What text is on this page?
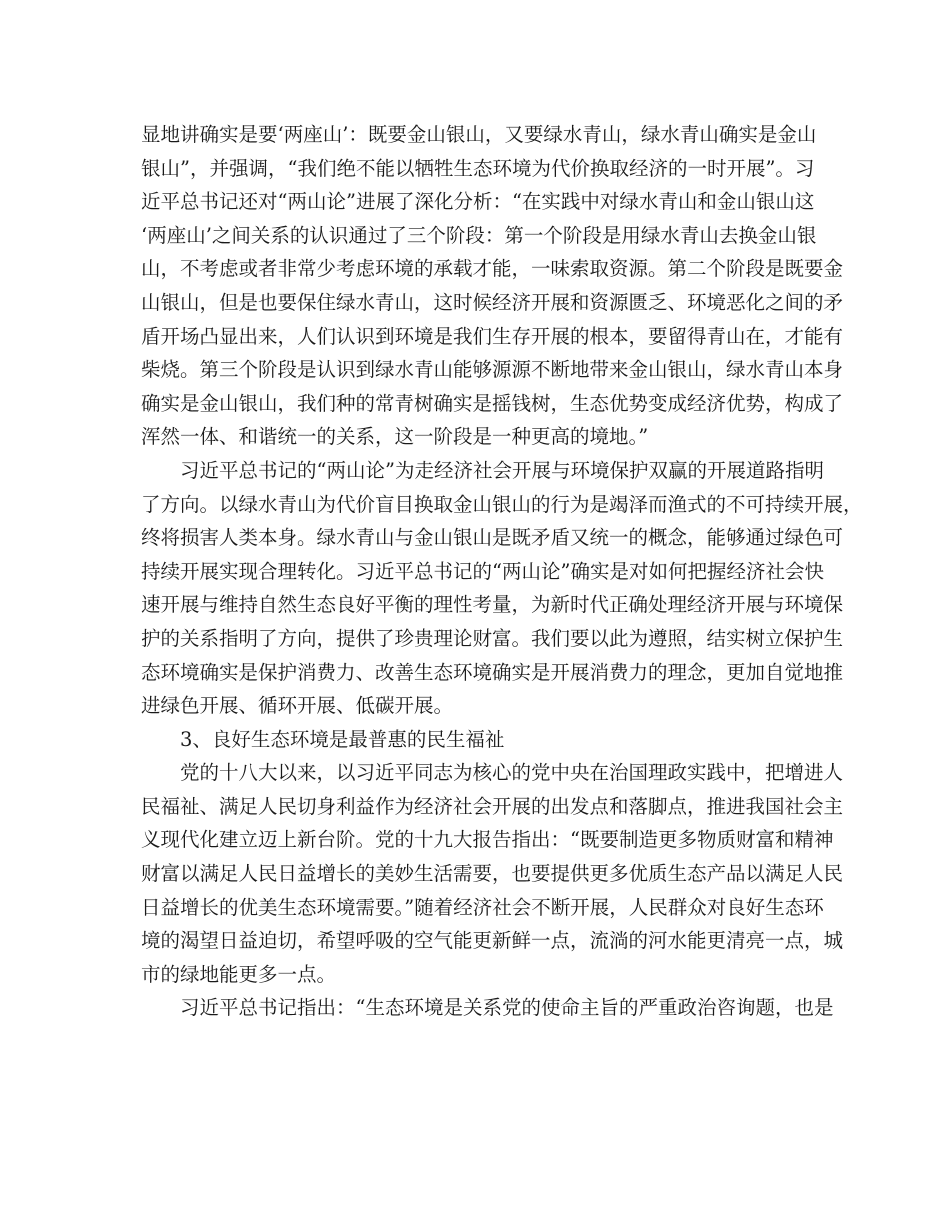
显地讲确实是要‘两座山’：既要金山银山，又要绿水青山，绿水青山确实是金山
银山”，并强调，“我们绝不能以牺牲生态环境为代价换取经济的一时开展”。习
近平总书记还对“两山论”进展了深化分析：“在实践中对绿水青山和金山银山这
‘两座山’之间关系的认识通过了三个阶段：第一个阶段是用绿水青山去换金山银
山，不考虑或者非常少考虑环境的承载才能，一味索取资源。第二个阶段是既要金
山银山，但是也要保住绿水青山，这时候经济开展和资源匮乏、环境恶化之间的矛
盾开场凸显出来，人们认识到环境是我们生存开展的根本，要留得青山在，才能有
柴烧。第三个阶段是认识到绿水青山能够源源不断地带来金山银山，绿水青山本身
确实是金山银山，我们种的常青树确实是摇钱树，生态优势变成经济优势，构成了
浑然一体、和谐统一的关系，这一阶段是一种更高的境地。”
习近平总书记的“两山论”为走经济社会开展与环境保护双赢的开展道路指明
了方向。以绿水青山为代价盲目换取金山银山的行为是竭泽而渔式的不可持续开展，
终将损害人类本身。绿水青山与金山银山是既矛盾又统一的概念，能够通过绿色可
持续开展实现合理转化。习近平总书记的“两山论”确实是对如何把握经济社会快
速开展与维持自然生态良好平衡的理性考量，为新时代正确处理经济开展与环境保
护的关系指明了方向，提供了珍贵理论财富。我们要以此为遵照，结实树立保护生
态环境确实是保护消费力、改善生态环境确实是开展消费力的理念，更加自觉地推
进绿色开展、循环开展、低碳开展。
3、良好生态环境是最普惠的民生福祉
党的十八大以来，以习近平同志为核心的党中央在治国理政实践中，把增进人
民福祉、满足人民切身利益作为经济社会开展的出发点和落脚点，推进我国社会主
义现代化建立迈上新台阶。党的十九大报告指出：“既要制造更多物质财富和精神
财富以满足人民日益增长的美妙生活需要，也要提供更多优质生态产品以满足人民
日益增长的优美生态环境需要。”随着经济社会不断开展，人民群众对良好生态环
境的渴望日益迫切，希望呼吸的空气能更新鲜一点，流淌的河水能更清亮一点，城
市的绿地能更多一点。
习近平总书记指出：“生态环境是关系党的使命主旨的严重政治咨询题，也是
